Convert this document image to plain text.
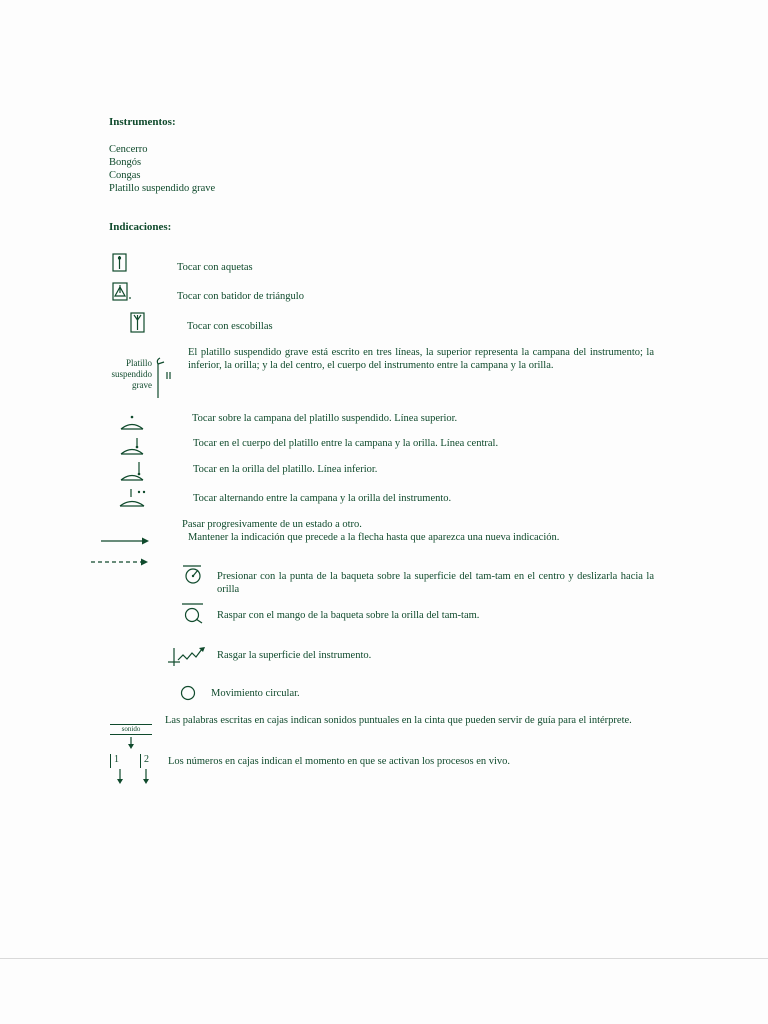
Instrumentos:
Cencerro
Bongós
Congas
Platillo suspendido grave
Indicaciones:
Tocar con aquetas
Tocar con batidor de triángulo
Tocar con escobillas
Platillo suspendido grave
El platillo suspendido grave está escrito en tres líneas, la superior representa la campana del instrumento; la inferior, la orilla; y la del centro, el cuerpo del instrumento entre la campana y la orilla.
Tocar sobre la campana del platillo suspendido. Línea superior.
Tocar en el cuerpo del platillo entre la campana y la orilla. Línea central.
Tocar en la orilla del platillo. Línea inferior.
Tocar alternando entre la campana y la orilla del instrumento.
Pasar progresivamente de un estado a otro.
Mantener la indicación que precede a la flecha hasta que aparezca una nueva indicación.
Presionar con la punta de la baqueta sobre la superficie del tam-tam en el centro y deslizarla hacia la orilla
Raspar con el mango de la baqueta sobre la orilla del tam-tam.
Rasgar la superficie del instrumento.
Movimiento circular.
sonido
Las palabras escritas en cajas indican sonidos puntuales en la cinta que pueden servir de guía para el intérprete.
1	2	Los números en cajas indican el momento en que se activan los procesos en vivo.
